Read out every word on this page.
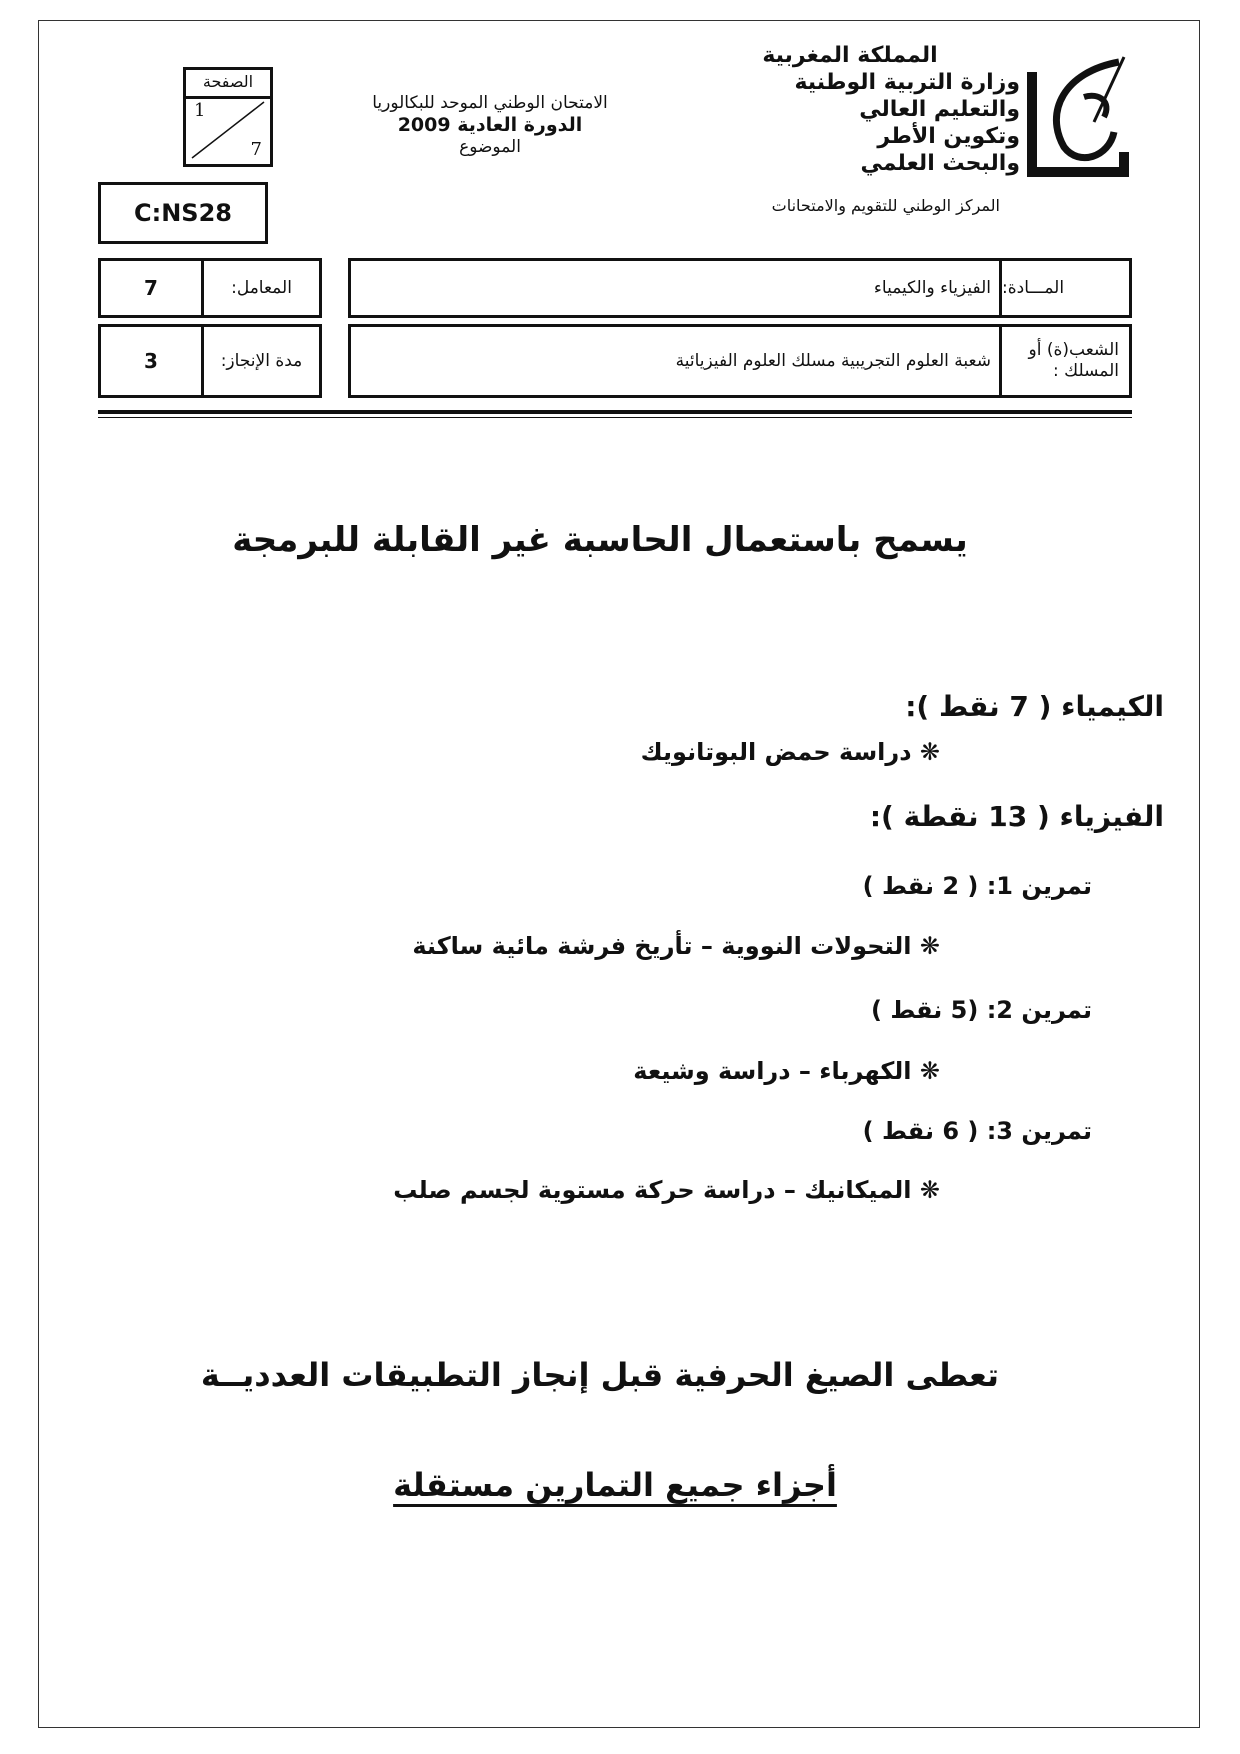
المملكة المغربية
وزارة التربية الوطنية
والتعليم العالي
وتكوين الأطر
والبحث العلمي
المركز الوطني للتقويم والامتحانات
الامتحان الوطني الموحد للبكالوريا
الدورة العادية 2009
الموضوع
الصفحة
1
7
C:NS28
7	المعامل:
3	مدة الإنجاز:
المـــادة:
الفيزياء والكيمياء
الشعب(ة) أو المسلك :
شعبة العلوم التجريبية مسلك العلوم الفيزيائية
يسمح باستعمال الحاسبة غير القابلة للبرمجة
الكيمياء ( 7 نقط ):
❋ دراسة حمض البوتانويك
الفيزياء ( 13 نقطة ):
تمرين 1: ( 2 نقط )
❋ التحولات النووية – تأريخ فرشة مائية ساكنة
تمرين 2: (5 نقط )
❋ الكهرباء – دراسة وشيعة
تمرين 3: ( 6 نقط )
❋ الميكانيك – دراسة حركة مستوية لجسم صلب
تعطى الصيغ الحرفية قبل إنجاز التطبيقات العدديــة
أجزاء جميع التمارين مستقلة
